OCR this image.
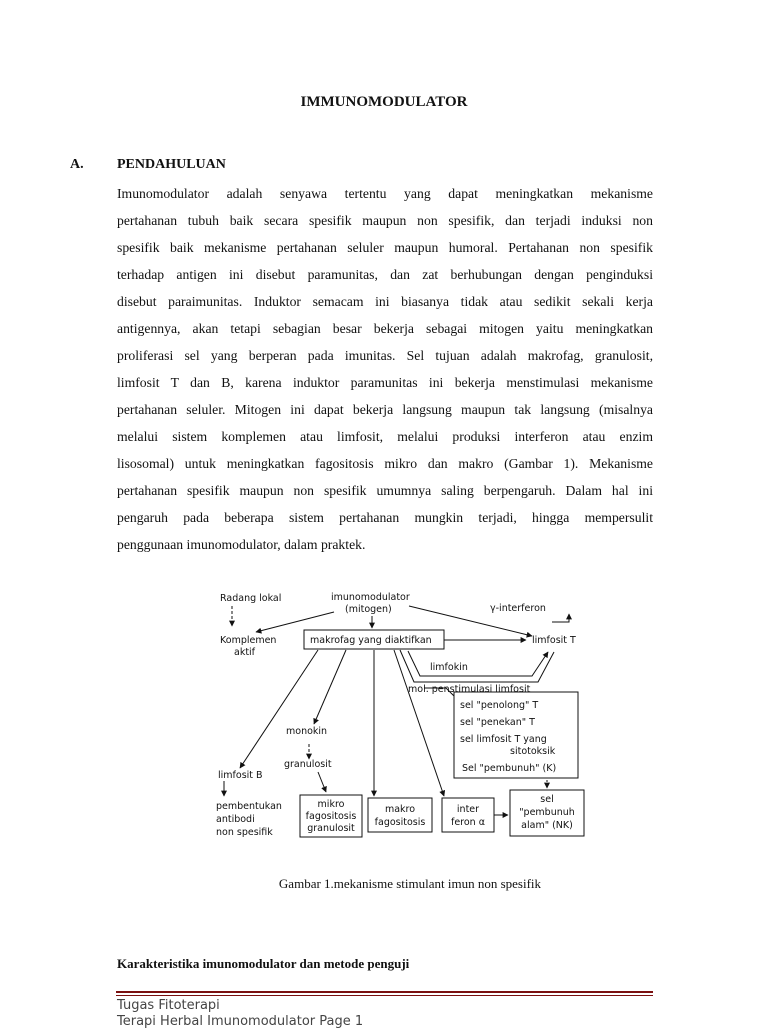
IMMUNOMODULATOR
A. PENDAHULUAN
Imunomodulator adalah senyawa tertentu yang dapat meningkatkan mekanisme
pertahanan tubuh baik secara spesifik maupun non spesifik, dan terjadi induksi non
spesifik baik mekanisme pertahanan seluler maupun humoral. Pertahanan non spesifik
terhadap antigen ini disebut paramunitas, dan zat berhubungan dengan penginduksi
disebut paraimunitas. Induktor semacam ini biasanya tidak atau sedikit sekali kerja
antigennya, akan tetapi sebagian besar bekerja sebagai mitogen yaitu meningkatkan
proliferasi sel yang berperan pada imunitas. Sel tujuan adalah makrofag, granulosit,
limfosit T dan B, karena induktor paramunitas ini bekerja menstimulasi mekanisme
pertahanan seluler. Mitogen ini dapat bekerja langsung maupun tak langsung (misalnya
melalui sistem komplemen atau limfosit, melalui produksi interferon atau enzim
lisosomal) untuk meningkatkan fagositosis mikro dan makro (Gambar 1). Mekanisme
pertahanan spesifik maupun non spesifik umumnya saling berpengaruh. Dalam hal ini
pengaruh pada beberapa sistem pertahanan mungkin terjadi, hingga mempersulit
penggunaan imunomodulator, dalam praktek.
Radang lokal	imunomodulator
(mitogen)	γ-interferon
Komplemen
aktif
makrofag yang diaktifkan	limfosit T
limfokin
mol. penstimulasi limfosit
sel "penolong" T
sel "penekan" T
sel limfosit T yang
sitotoksik
Sel "pembunuh" (K)
monokin
granulosit
limfosit B
pembentukan
antibodi
non spesifik
mikro
fagositosis
granulosit
makro
fagositosis
inter
feron α
sel
"pembunuh
alam" (NK)
Gambar 1.mekanisme stimulant imun non spesifik
Karakteristika imunomodulator dan metode penguji
Tugas Fitoterapi
Terapi Herbal Imunomodulator Page 1
